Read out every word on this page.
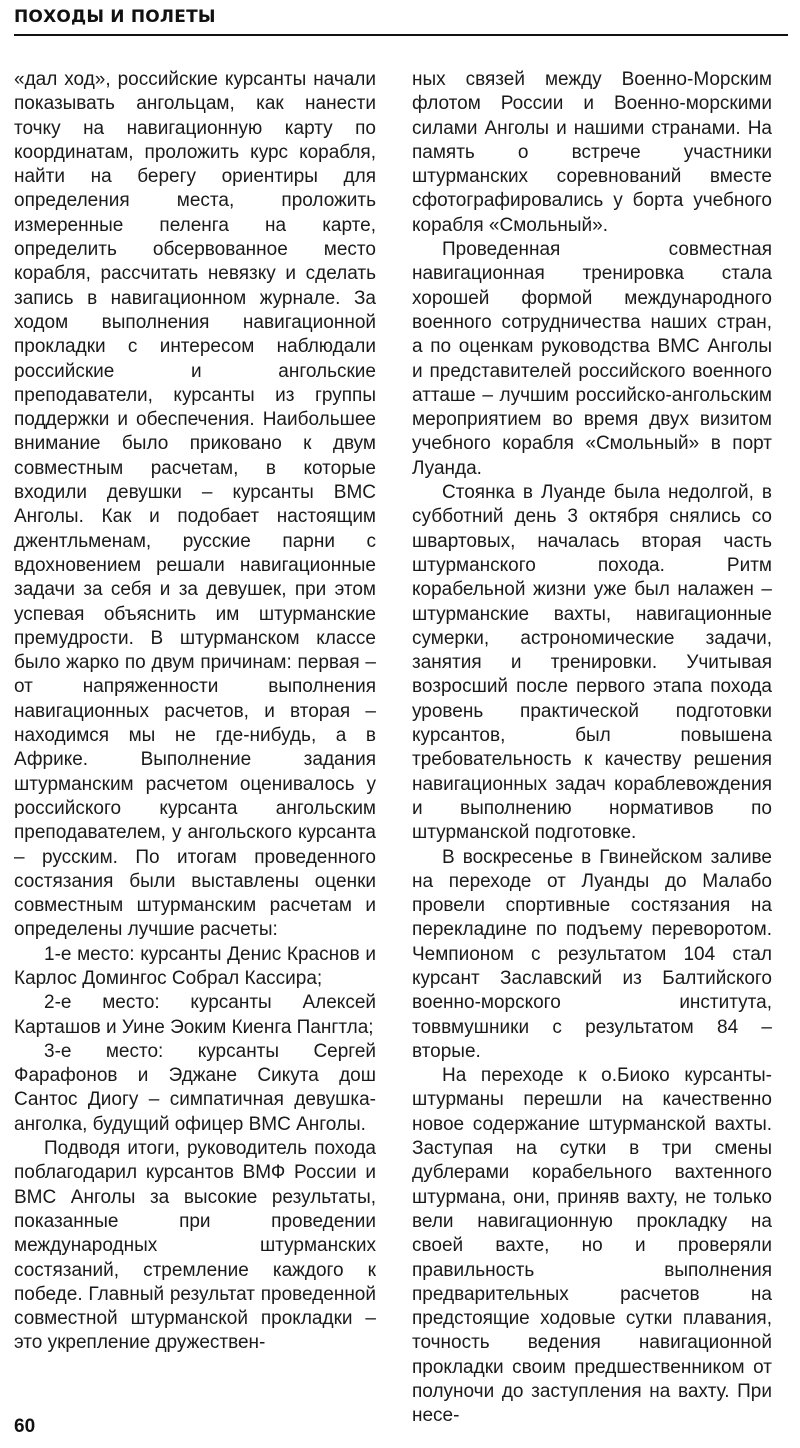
ПОХОДЫ И ПОЛЕТЫ

«дал ход», российские курсанты начали показывать ангольцам, как нанести точку на навигационную карту по координатам, проложить курс корабля, найти на берегу ориентиры для определения места, проложить измеренные пеленга на карте, определить обсервованное место корабля, рассчитать невязку и сделать запись в навигационном журнале. За ходом выполнения навигационной прокладки с интересом наблюдали российские и ангольские преподаватели, курсанты из группы поддержки и обеспечения. Наибольшее внимание было приковано к двум совместным расчетам, в которые входили девушки – курсанты ВМС Анголы. Как и подобает настоящим джентльменам, русские парни с вдохновением решали навигационные задачи за себя и за девушек, при этом успевая объяснить им штурманские премудрости. В штурманском классе было жарко по двум причинам: первая – от напряженности выполнения навигационных расчетов, и вторая – находимся мы не где-нибудь, а в Африке. Выполнение задания штурманским расчетом оценивалось у российского курсанта ангольским преподавателем, у ангольского курсанта – русским. По итогам проведенного состязания были выставлены оценки совместным штурманским расчетам и определены лучшие расчеты:

1-е место: курсанты Денис Краснов и Карлос Домингос Собрал Кассира;

2-е место: курсанты Алексей Карташов и Уине Эоким Киенга Пангтла;

3-е место: курсанты Сергей Фарафонов и Эджане Сикута дош Сантос Диогу – симпатичная девушка-анголка, будущий офицер ВМС Анголы.

Подводя итоги, руководитель похода поблагодарил курсантов ВМФ России и ВМС Анголы за высокие результаты, показанные при проведении международных штурманских состязаний, стремление каждого к победе. Главный результат проведенной совместной штурманской прокладки – это укрепление дружествен-

ных связей между Военно-Морским флотом России и Военно-морскими силами Анголы и нашими странами. На память о встрече участники штурманских соревнований вместе сфотографировались у борта учебного корабля «Смольный».

Проведенная совместная навигационная тренировка стала хорошей формой международного военного сотрудничества наших стран, а по оценкам руководства ВМС Анголы и представителей российского военного атташе – лучшим российско-ангольским мероприятием во время двух визитом учебного корабля «Смольный» в порт Луанда.

Стоянка в Луанде была недолгой, в субботний день 3 октября снялись со швартовых, началась вторая часть штурманского похода. Ритм корабельной жизни уже был налажен – штурманские вахты, навигационные сумерки, астрономические задачи, занятия и тренировки. Учитывая возросший после первого этапа похода уровень практической подготовки курсантов, был повышена требовательность к качеству решения навигационных задач кораблевождения и выполнению нормативов по штурманской подготовке.

В воскресенье в Гвинейском заливе на переходе от Луанды до Малабо провели спортивные состязания на перекладине по подъему переворотом. Чемпионом с результатом 104 стал курсант Заславский из Балтийского военно-морского института, товвмушники с результатом 84 – вторые.

На переходе к о.Биоко курсанты-штурманы перешли на качественно новое содержание штурманской вахты. Заступая на сутки в три смены дублерами корабельного вахтенного штурмана, они, приняв вахту, не только вели навигационную прокладку на своей вахте, но и проверяли правильность выполнения предварительных расчетов на предстоящие ходовые сутки плавания, точность ведения навигационной прокладки своим предшественником от полуночи до заступления на вахту. При несе-

60
